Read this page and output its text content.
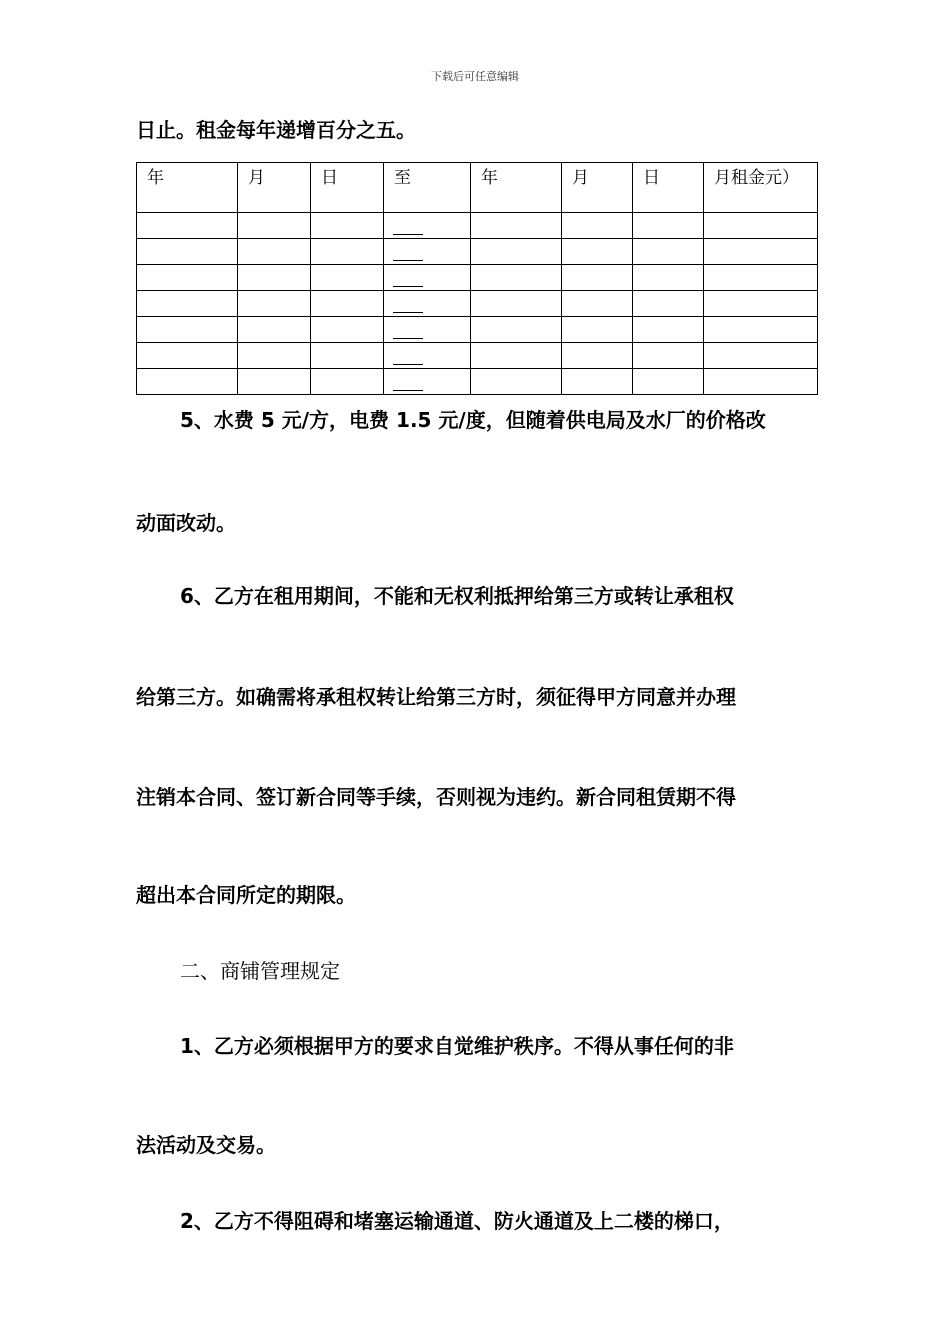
下载后可任意编辑
日止。租金每年递增百分之五。
年	月	日	至	年	月	日	月租金元）

5、水费 5 元/方，电费 1.5 元/度，但随着供电局及水厂的价格改
动面改动。
6、乙方在租用期间，不能和无权利抵押给第三方或转让承租权
给第三方。如确需将承租权转让给第三方时，须征得甲方同意并办理
注销本合同、签订新合同等手续，否则视为违约。新合同租赁期不得
超出本合同所定的期限。
二、商铺管理规定
1、乙方必须根据甲方的要求自觉维护秩序。不得从事任何的非
法活动及交易。
2、乙方不得阻碍和堵塞运输通道、防火通道及上二楼的梯口，
